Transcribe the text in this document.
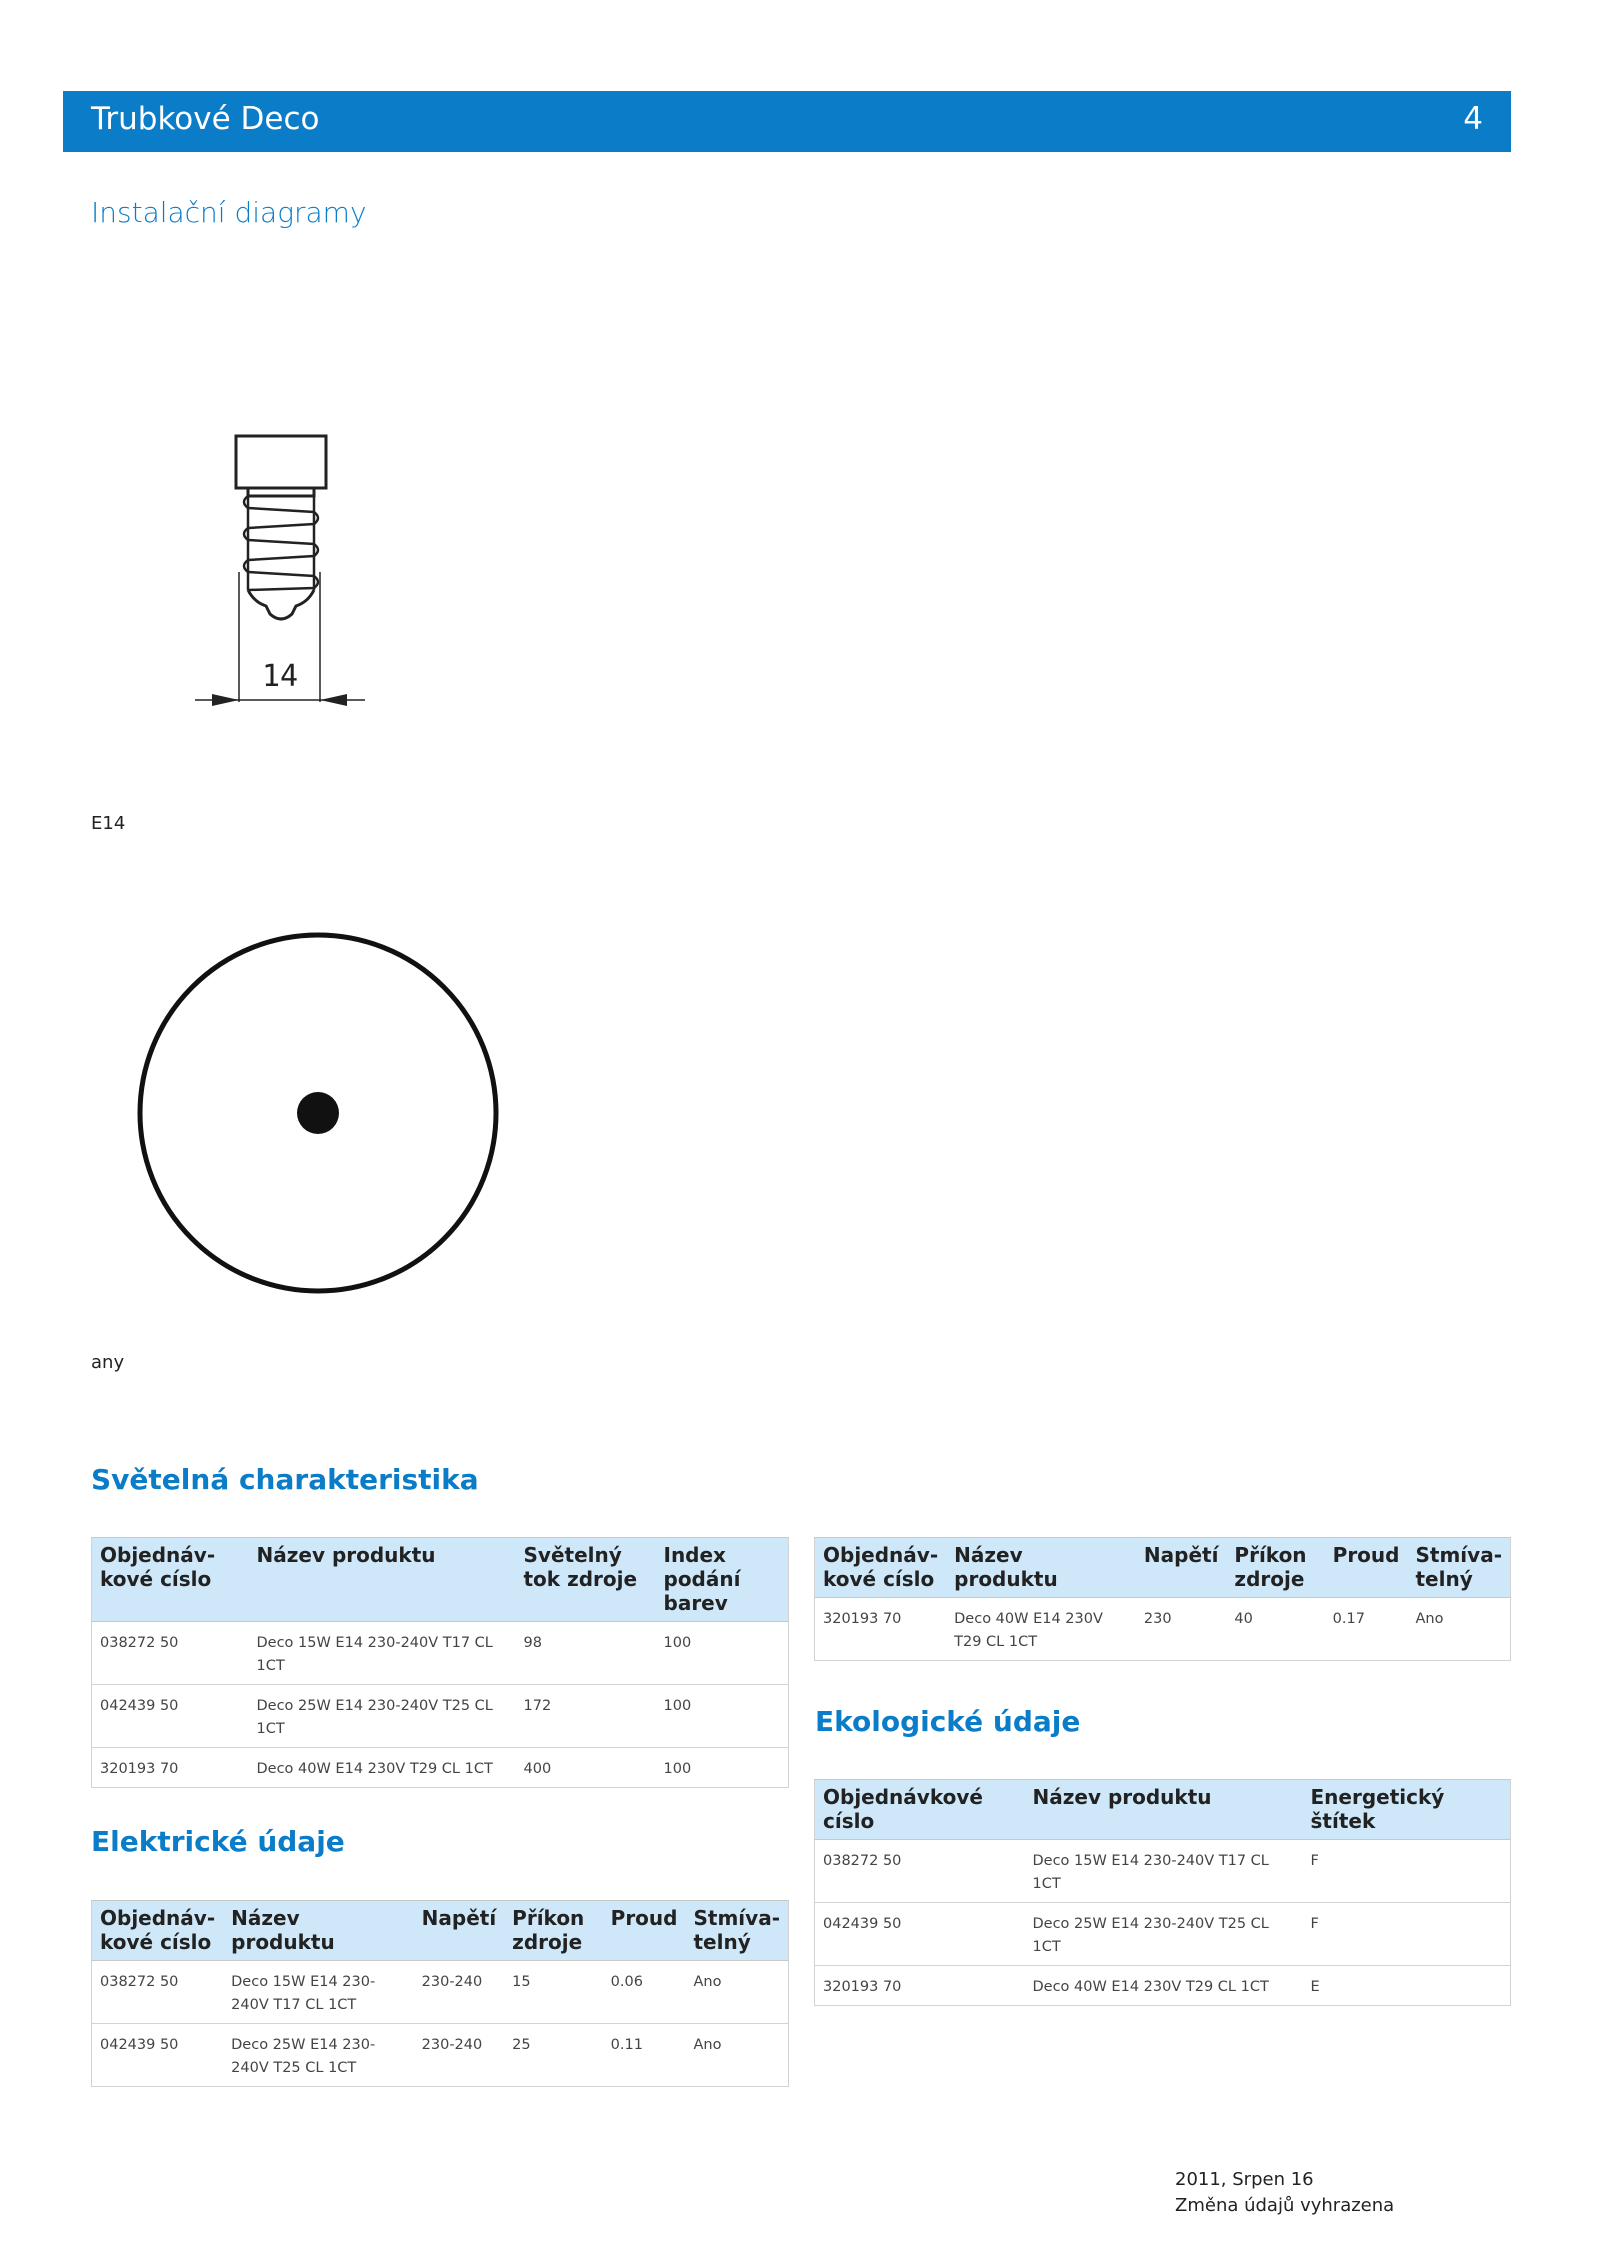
Trubkové Deco	4
Instalační diagramy
14
E14
any
Světelná charakteristika
Objednáv-kové císlo	Název produktu	Světelný tok zdroje	Index podání barev
038272 50	Deco 15W E14 230-240V T17 CL 1CT	98	100
042439 50	Deco 25W E14 230-240V T25 CL 1CT	172	100
320193 70	Deco 40W E14 230V T29 CL 1CT	400	100
Elektrické údaje
Objednáv-kové císlo	Název produktu	Napětí	Příkon zdroje	Proud	Stmíva-telný
038272 50	Deco 15W E14 230-240V T17 CL 1CT	230-240	15	0.06	Ano
042439 50	Deco 25W E14 230-240V T25 CL 1CT	230-240	25	0.11	Ano
Objednáv-kové císlo	Název produktu	Napětí	Příkon zdroje	Proud	Stmíva-telný
320193 70	Deco 40W E14 230V T29 CL 1CT	230	40	0.17	Ano
Ekologické údaje
Objednávkové císlo	Název produktu	Energetický štítek
038272 50	Deco 15W E14 230-240V T17 CL 1CT	F
042439 50	Deco 25W E14 230-240V T25 CL 1CT	F
320193 70	Deco 40W E14 230V T29 CL 1CT	E
2011, Srpen 16
Změna údajů vyhrazena
